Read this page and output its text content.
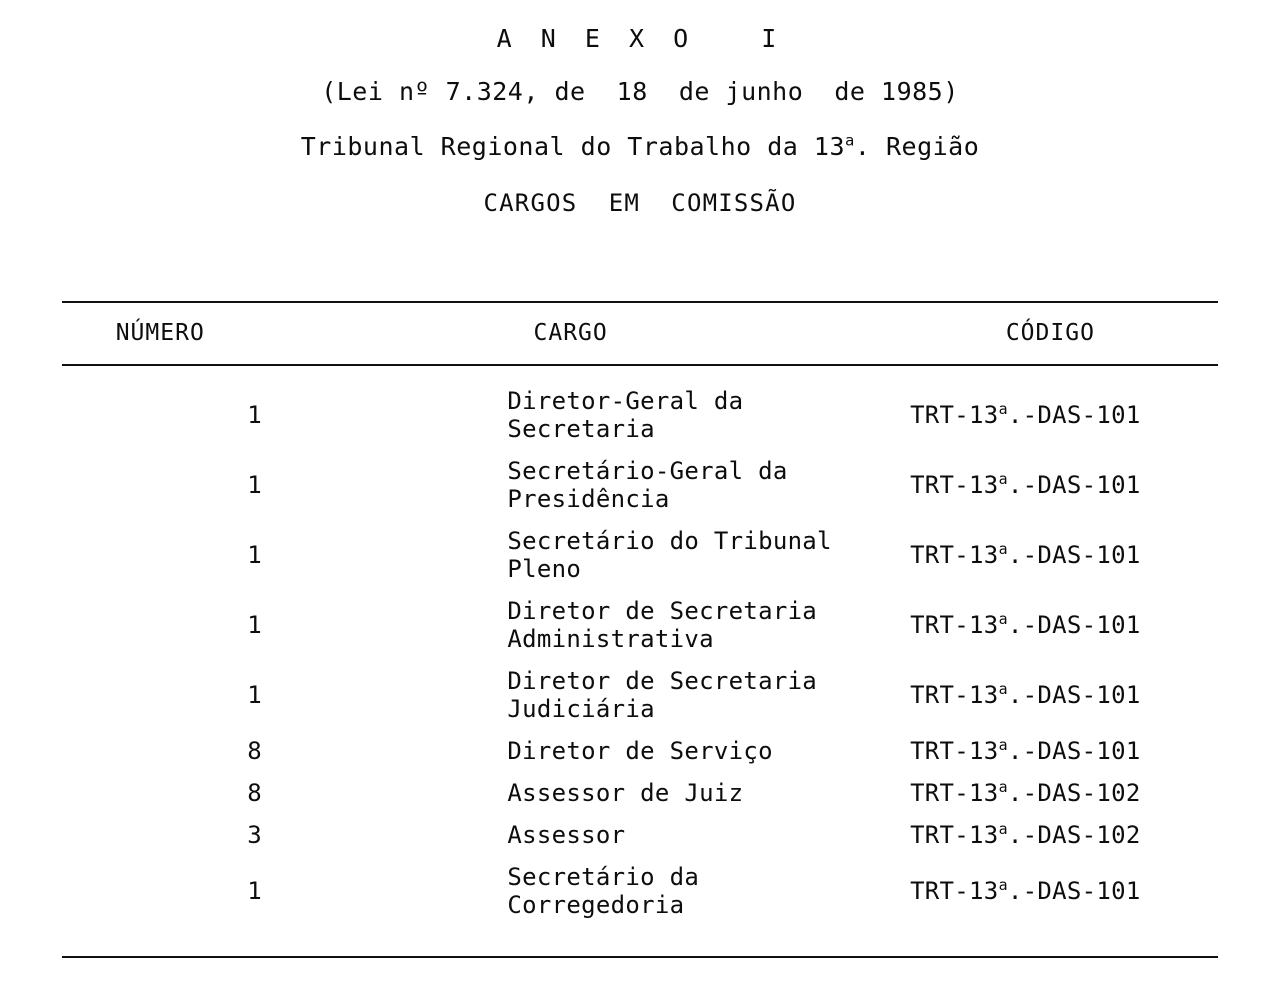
A N E X O   I
(Lei nº 7.324, de  18  de junho  de 1985)
Tribunal Regional do Trabalho da 13$^a$. Região
CARGOS  EM  COMISSÃO
NÚMERO	CARGO	CÓDIGO

1	Diretor-Geral da Secretaria	TRT-13$^a$.-DAS-101
1	Secretário-Geral da Presidência	TRT-13$^a$.-DAS-101
1	Secretário do Tribunal Pleno	TRT-13$^a$.-DAS-101
1	Diretor de Secretaria Administrativa	TRT-13$^a$.-DAS-101
1	Diretor de Secretaria Judiciária	TRT-13$^a$.-DAS-101
8	Diretor de Serviço	TRT-13$^a$.-DAS-101
8	Assessor de Juiz	TRT-13$^a$.-DAS-102
3	Assessor	TRT-13$^a$.-DAS-102
1	Secretário da Corregedoria	TRT-13$^a$.-DAS-101
